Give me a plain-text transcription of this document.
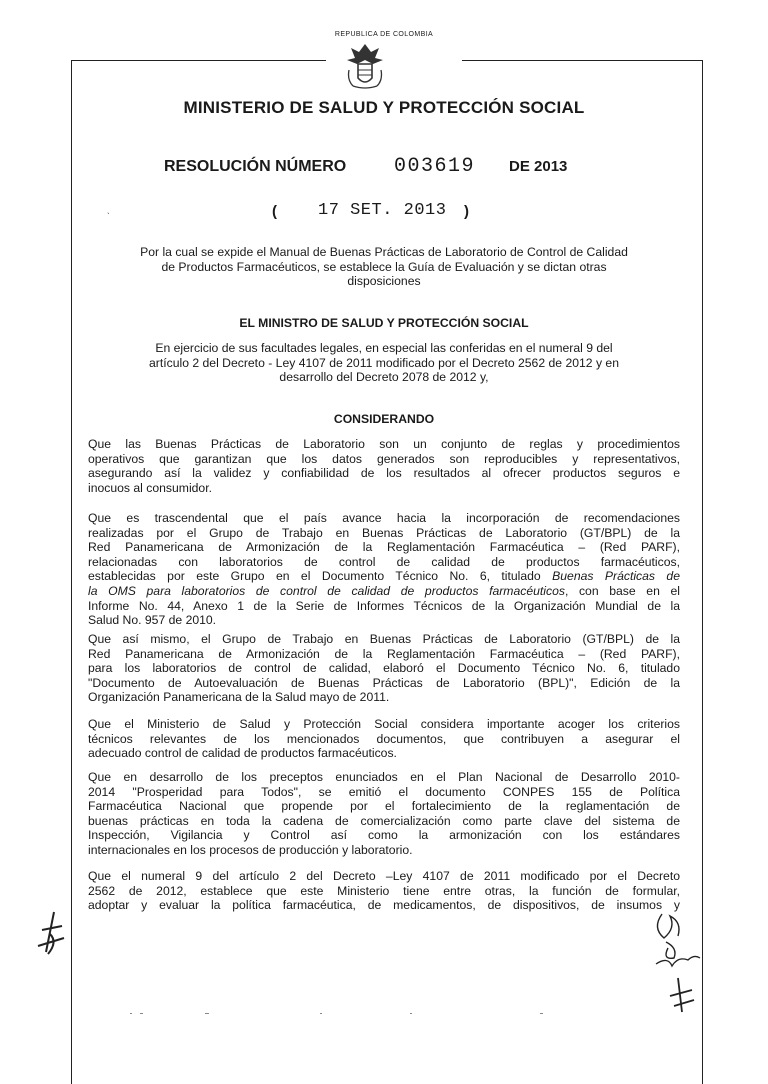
REPUBLICA DE COLOMBIA
MINISTERIO DE SALUD Y PROTECCIÓN SOCIAL
RESOLUCIÓN NÚMERO 003619 DE 2013
`	( 17 SET. 2013 )
Por la cual se expide el Manual de Buenas Prácticas de Laboratorio de Control de Calidad
de Productos Farmacéuticos, se establece la Guía de Evaluación y se dictan otras
disposiciones
EL MINISTRO DE SALUD Y PROTECCIÓN SOCIAL
En ejercicio de sus facultades legales, en especial las conferidas en el numeral 9 del
artículo 2 del Decreto - Ley 4107 de 2011 modificado por el Decreto 2562 de 2012 y en
desarrollo del Decreto 2078 de 2012 y,
CONSIDERANDO
Que las Buenas Prácticas de Laboratorio son un conjunto de reglas y procedimientos
operativos que garantizan que los datos generados son reproducibles y representativos,
asegurando así la validez y confiabilidad de los resultados al ofrecer productos seguros e
inocuos al consumidor.
Que es trascendental que el país avance hacia la incorporación de recomendaciones
realizadas por el Grupo de Trabajo en Buenas Prácticas de Laboratorio (GT/BPL) de la
Red Panamericana de Armonización de la Reglamentación Farmacéutica – (Red PARF),
relacionadas con laboratorios de control de calidad de productos farmacéuticos,
establecidas por este Grupo en el Documento Técnico No. 6, titulado Buenas Prácticas de
la OMS para laboratorios de control de calidad de productos farmacéuticos, con base en el
Informe No. 44, Anexo 1 de la Serie de Informes Técnicos de la Organización Mundial de la
Salud No. 957 de 2010.
Que así mismo, el Grupo de Trabajo en Buenas Prácticas de Laboratorio (GT/BPL) de la
Red Panamericana de Armonización de la Reglamentación Farmacéutica – (Red PARF),
para los laboratorios de control de calidad, elaboró el Documento Técnico No. 6, titulado
"Documento de Autoevaluación de Buenas Prácticas de Laboratorio (BPL)", Edición de la
Organización Panamericana de la Salud mayo de 2011.
Que el Ministerio de Salud y Protección Social considera importante acoger los criterios
técnicos relevantes de los mencionados documentos, que contribuyen a asegurar el
adecuado control de calidad de productos farmacéuticos.
Que en desarrollo de los preceptos enunciados en el Plan Nacional de Desarrollo 2010-
2014 "Prosperidad para Todos", se emitió el documento CONPES 155 de Política
Farmacéutica Nacional que propende por el fortalecimiento de la reglamentación de
buenas prácticas en toda la cadena de comercialización como parte clave del sistema de
Inspección, Vigilancia y Control así como la armonización con los estándares
internacionales en los procesos de producción y laboratorio.
Que el numeral 9 del artículo 2 del Decreto –Ley 4107 de 2011 modificado por el Decreto
2562 de 2012, establece que este Ministerio tiene entre otras, la función de formular,
adoptar y evaluar la política farmacéutica, de medicamentos, de dispositivos, de insumos y
